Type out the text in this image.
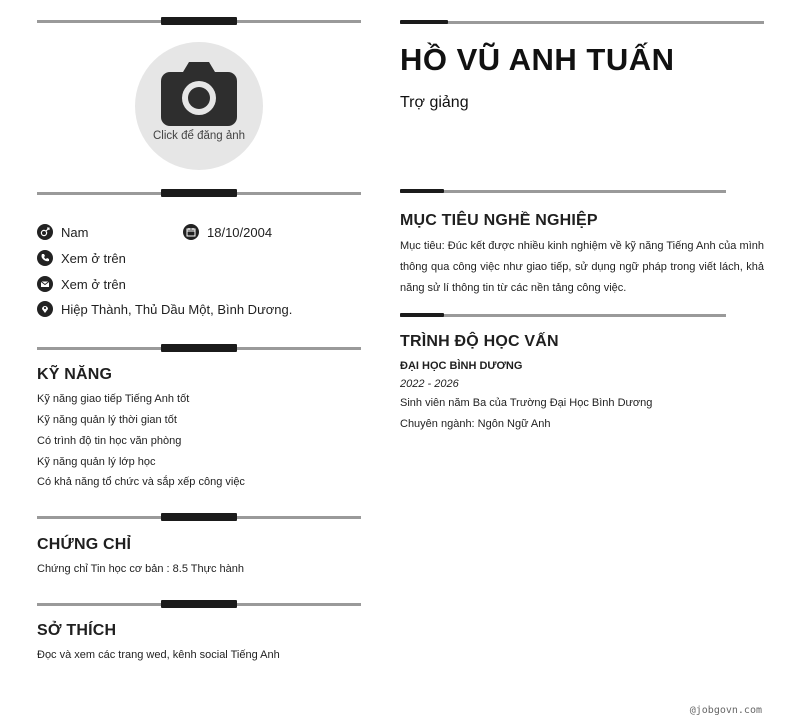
Click để đăng ảnh
Nam	18/10/2004
Xem ở trên
Xem ở trên
Hiệp Thành, Thủ Dầu Một, Bình Dương.
KỸ NĂNG
Kỹ năng giao tiếp Tiếng Anh tốt
Kỹ năng quản lý thời gian tốt
Có trình độ tin học văn phòng
Kỹ năng quản lý lớp học
Có khả năng tổ chức và sắp xếp công việc
CHỨNG CHỈ
Chứng chỉ Tin học cơ bản : 8.5 Thực hành
SỞ THÍCH
Đọc và xem các trang wed, kênh social Tiếng Anh
HỒ VŨ ANH TUẤN
Trợ giảng
MỤC TIÊU NGHỀ NGHIỆP
Mục tiêu: Đúc kết được nhiều kinh nghiệm về kỹ năng Tiếng Anh của mình thông qua công việc như giao tiếp, sử dụng ngữ pháp trong viết lách, khả năng sử lí thông tin từ các nền tảng công việc.
TRÌNH ĐỘ HỌC VẤN
ĐẠI HỌC BÌNH DƯƠNG
2022 - 2026
Sinh viên năm Ba của Trường Đại Học Bình Dương
Chuyên ngành: Ngôn Ngữ Anh
@jobgovn.com
